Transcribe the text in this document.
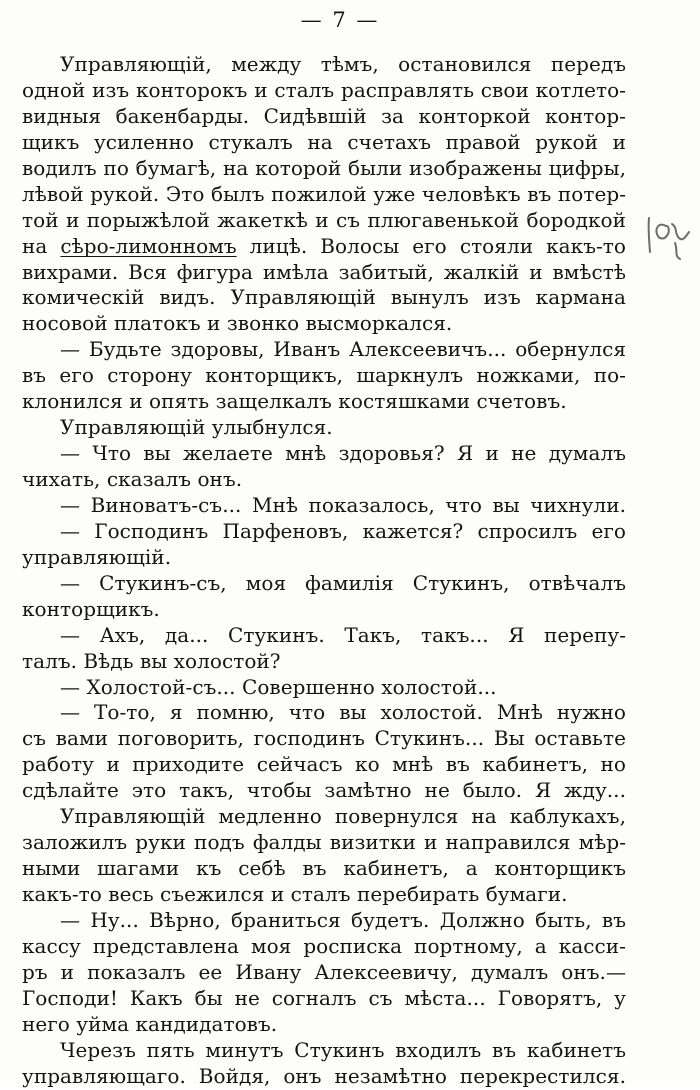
— 7 —
Управляющій, между тѣмъ, остановился передъ
одной изъ конторокъ и сталъ расправлять свои котлето-
видныя бакенбарды. Сидѣвшій за конторкой контор-
щикъ усиленно стукалъ на счетахъ правой рукой и
водилъ по бумагѣ, на которой были изображены цифры,
лѣвой рукой. Это былъ пожилой уже человѣкъ въ потер-
той и порыжѣлой жакеткѣ и съ плюгавенькой бородкой
на сѣро-лимонномъ лицѣ. Волосы его стояли какъ-то
вихрами. Вся фигура имѣла забитый, жалкій и вмѣстѣ
комическій видъ. Управляющій вынулъ изъ кармана
носовой платокъ и звонко высморкался.
— Будьте здоровы, Иванъ Алексеевичъ... обернулся
въ его сторону конторщикъ, шаркнулъ ножками, по-
клонился и опять защелкалъ костяшками счетовъ.
Управляющій улыбнулся.
— Что вы желаете мнѣ здоровья? Я и не думалъ
чихать, сказалъ онъ.
— Виноватъ-съ... Мнѣ показалось, что вы чихнули.
— Господинъ Парфеновъ, кажется? спросилъ его
управляющій.
— Стукинъ-съ, моя фамилія Стукинъ, отвѣчалъ
конторщикъ.
— Ахъ, да... Стукинъ. Такъ, такъ... Я перепу-
талъ. Вѣдь вы холостой?
— Холостой-съ... Совершенно холостой...
— То-то, я помню, что вы холостой. Мнѣ нужно
съ вами поговорить, господинъ Стукинъ... Вы оставьте
работу и приходите сейчасъ ко мнѣ въ кабинетъ, но
сдѣлайте это такъ, чтобы замѣтно не было. Я жду...
Управляющій медленно повернулся на каблукахъ,
заложилъ руки подъ фалды визитки и направился мѣр-
ными шагами къ себѣ въ кабинетъ, а конторщикъ
какъ-то весь съежился и сталъ перебирать бумаги.
— Ну... Вѣрно, браниться будетъ. Должно быть, въ
кассу представлена моя росписка портному, а касси-
ръ и показалъ ее Ивану Алексеевичу, думалъ онъ.—
Господи! Какъ бы не согналъ съ мѣста... Говорятъ, у
него уйма кандидатовъ.
Черезъ пять минутъ Стукинъ входилъ въ кабинетъ
управляющаго. Войдя, онъ незамѣтно перекрестился.
